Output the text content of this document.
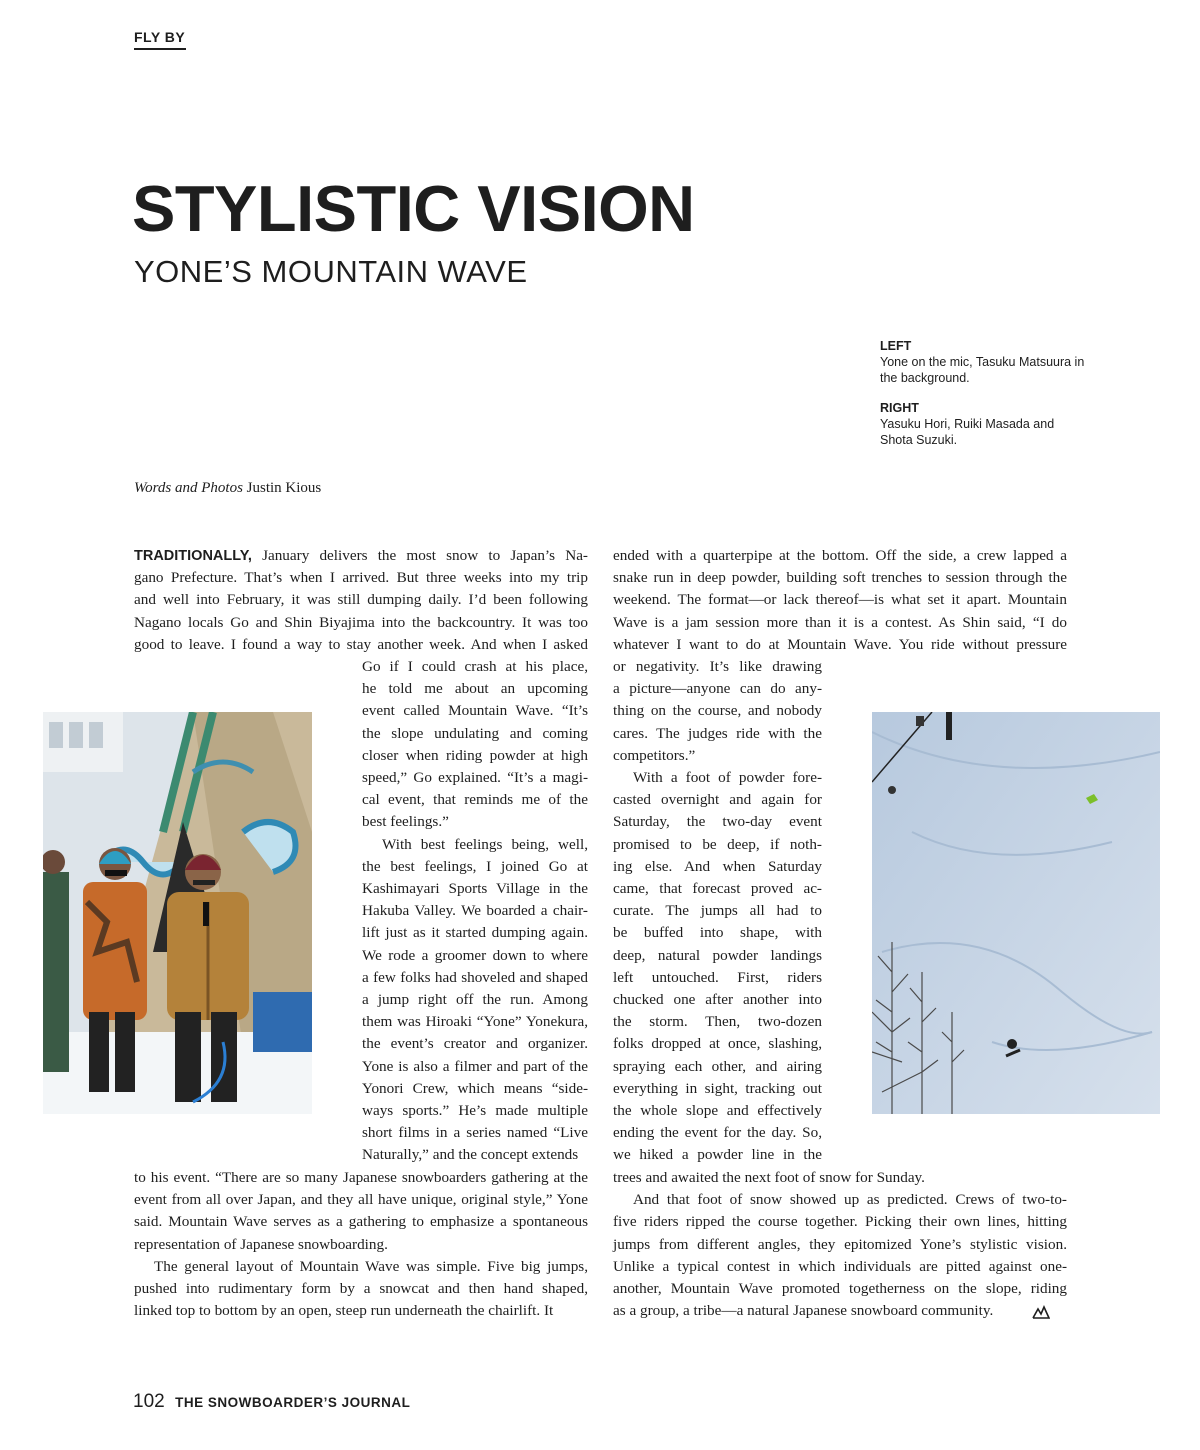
FLY BY
STYLISTIC VISION
YONE’S MOUNTAIN WAVE
LEFT
Yone on the mic, Tasuku Matsuura in the background.
RIGHT
Yasuku Hori, Ruiki Masada and Shota Suzuki.
Words and Photos Justin Kious

TRADITIONALLY, January delivers the most snow to Japan’s Na-

gano Prefecture. That’s when I arrived. But three weeks into my trip
and well into February, it was still dumping daily. I’d been following
Nagano locals Go and Shin Biyajima into the backcountry. It was too
good to leave. I found a way to stay another week. And when I asked
Go if I could crash at his place,
he told me about an upcoming
event called Mountain Wave. “It’s
the slope undulating and coming
closer when riding powder at high
speed,” Go explained. “It’s a magi-
cal event, that reminds me of the
best feelings.”
With best feelings being, well,
the best feelings, I joined Go at
Kashimayari Sports Village in the
Hakuba Valley. We boarded a chair-
lift just as it started dumping again.
We rode a groomer down to where
a few folks had shoveled and shaped
a jump right off the run. Among
them was Hiroaki “Yone” Yonekura,
the event’s creator and organizer.
Yone is also a filmer and part of the
Yonori Crew, which means “side-
ways sports.” He’s made multiple
short films in a series named “Live
Naturally,” and the concept extends
to his event. “There are so many Japanese snowboarders gathering at the
event from all over Japan, and they all have unique, original style,” Yone
said. Mountain Wave serves as a gathering to emphasize a spontaneous
representation of Japanese snowboarding.
The general layout of Mountain Wave was simple. Five big jumps,
pushed into rudimentary form by a snowcat and then hand shaped,
linked top to bottom by an open, steep run underneath the chairlift. It
ended with a quarterpipe at the bottom. Off the side, a crew lapped a
snake run in deep powder, building soft trenches to session through the
weekend. The format—or lack thereof—is what set it apart. Mountain
Wave is a jam session more than it is a contest. As Shin said, “I do
whatever I want to do at Mountain Wave. You ride without pressure
or negativity. It’s like drawing
a picture—anyone can do any-
thing on the course, and nobody
cares. The judges ride with the
competitors.”
With a foot of powder fore-
casted overnight and again for
Saturday, the two-day event
promised to be deep, if noth-
ing else. And when Saturday
came, that forecast proved ac-
curate. The jumps all had to
be buffed into shape, with
deep, natural powder landings
left untouched. First, riders
chucked one after another into
the storm. Then, two-dozen
folks dropped at once, slashing,
spraying each other, and airing
everything in sight, tracking out
the whole slope and effectively
ending the event for the day. So,
we hiked a powder line in the
trees and awaited the next foot of snow for Sunday.
And that foot of snow showed up as predicted. Crews of two-to-
five riders ripped the course together. Picking their own lines, hitting
jumps from different angles, they epitomized Yone’s stylistic vision.
Unlike a typical contest in which individuals are pitted against one-
another, Mountain Wave promoted togetherness on the slope, riding
as a group, a tribe—a natural Japanese snowboard community.
102 THE SNOWBOARDER’S JOURNAL
